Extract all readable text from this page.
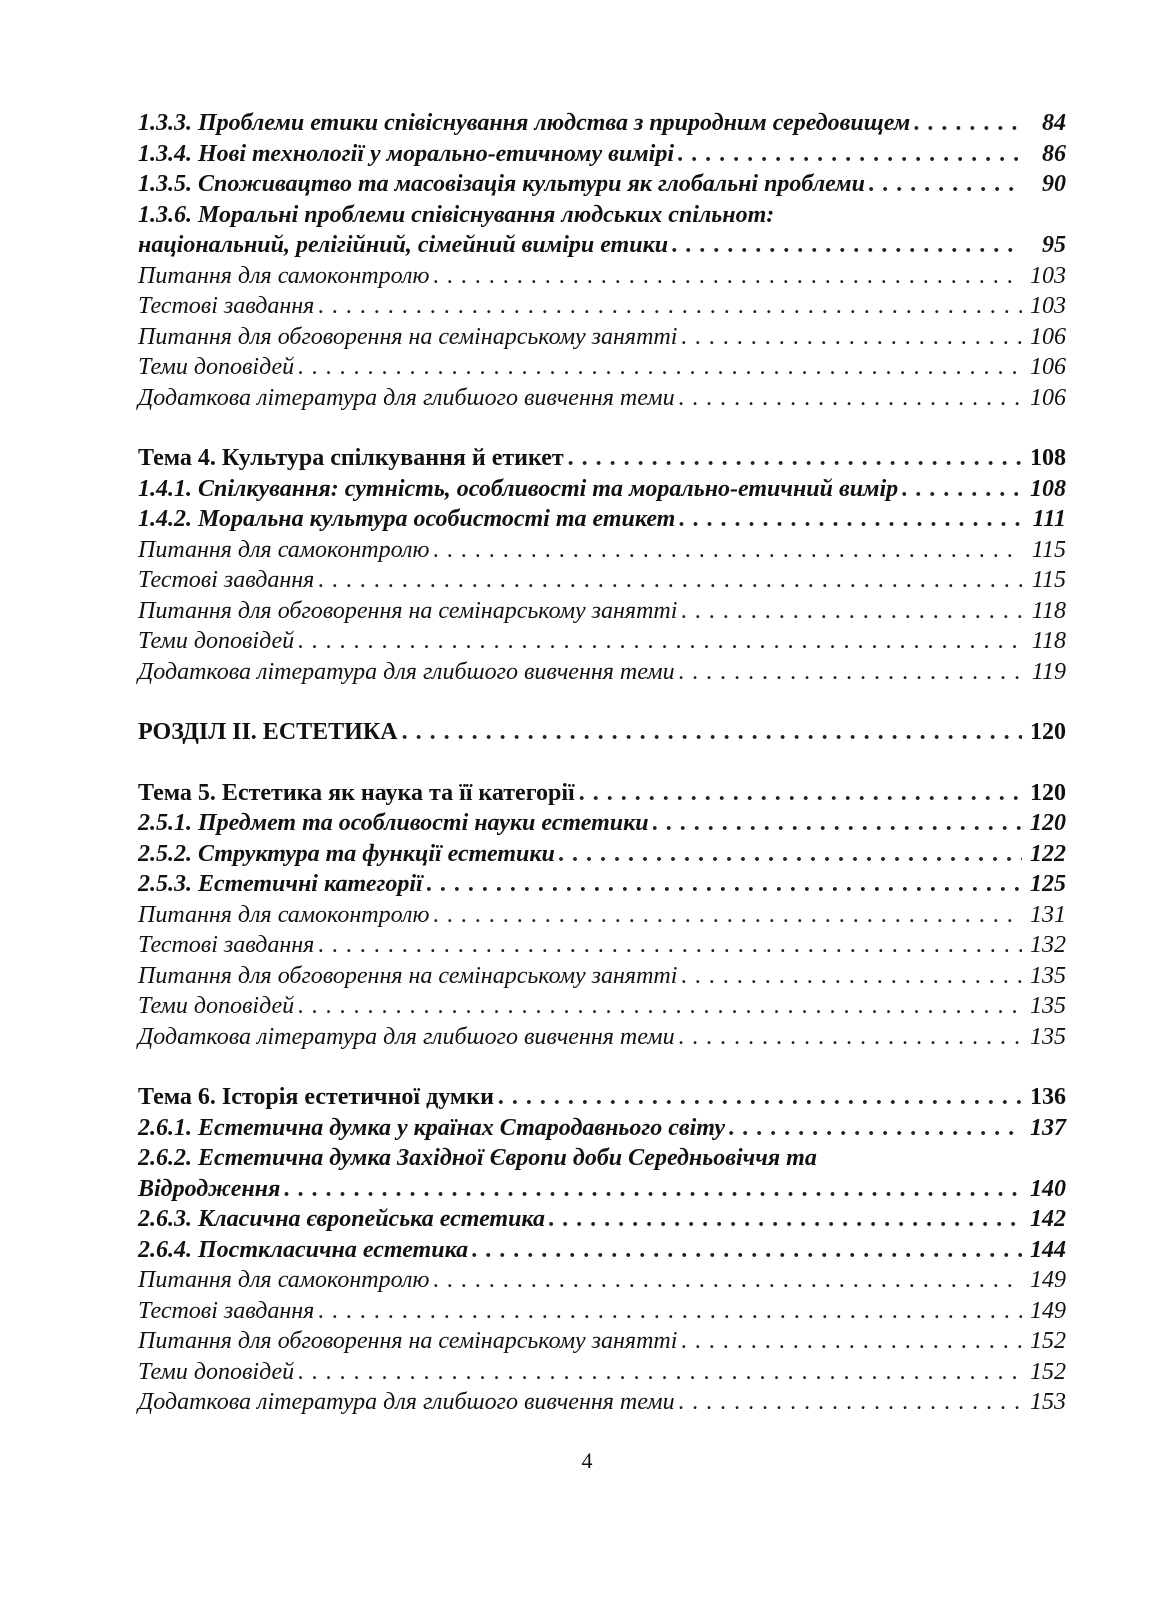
1.3.3. Проблеми етики співіснування людства з природним середовищем . . .	84
1.3.4. Нові технології у морально-етичному вимірі . . .	86
1.3.5. Споживацтво та масовізація культури як глобальні проблеми . . .	90
1.3.6. Моральні проблеми співіснування людських спільнот:
національний, релігійний, сімейний виміри етики . . .	95
Питання для самоконтролю . . .	103
Тестові завдання . . .	103
Питання для обговорення на семінарському занятті . . .	106
Теми доповідей . . .	106
Додаткова література для глибшого вивчення теми . . .	106
Тема 4. Культура спілкування й етикет . . .	108
1.4.1. Спілкування: сутність, особливості та морально-етичний вимір . . .	108
1.4.2. Моральна культура особистості та етикет . . .	111
Питання для самоконтролю . . .	115
Тестові завдання . . .	115
Питання для обговорення на семінарському занятті . . .	118
Теми доповідей . . .	118
Додаткова література для глибшого вивчення теми . . .	119
РОЗДІЛ ІІ. ЕСТЕТИКА . . .	120
Тема 5. Естетика як наука та її категорії . . .	120
2.5.1. Предмет та особливості науки естетики . . .	120
2.5.2. Структура та функції естетики . . .	122
2.5.3. Естетичні категорії . . .	125
Питання для самоконтролю . . .	131
Тестові завдання . . .	132
Питання для обговорення на семінарському занятті . . .	135
Теми доповідей . . .	135
Додаткова література для глибшого вивчення теми . . .	135
Тема 6. Історія естетичної думки . . .	136
2.6.1. Естетична думка у країнах Стародавнього світу . . .	137
2.6.2. Естетична думка Західної Європи доби Середньовіччя та
Відродження . . .	140
2.6.3. Класична європейська естетика . . .	142
2.6.4. Посткласична естетика . . .	144
Питання для самоконтролю . . .	149
Тестові завдання . . .	149
Питання для обговорення на семінарському занятті . . .	152
Теми доповідей . . .	152
Додаткова література для глибшого вивчення теми . . .	153
4
